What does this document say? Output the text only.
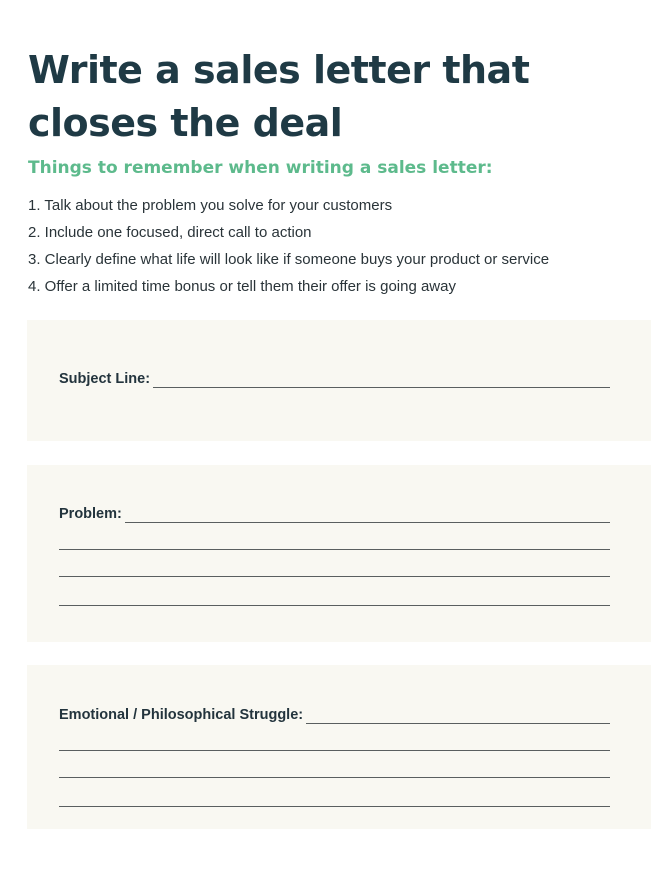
Write a sales letter that
closes the deal
Things to remember when writing a sales letter:
1. Talk about the problem you solve for your customers
2. Include one focused, direct call to action
3. Clearly define what life will look like if someone buys your product or service
4. Offer a limited time bonus or tell them their offer is going away
Subject Line:
Problem:
Emotional / Philosophical Struggle:
